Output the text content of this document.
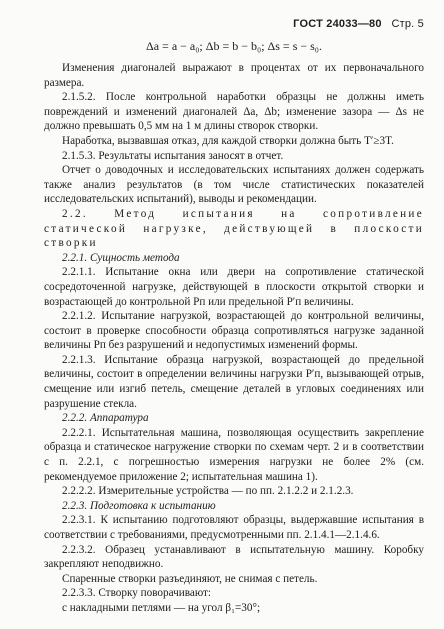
ГОСТ 24033—80 Стр. 5
Δa = a − a₀; Δb = b − b₀; Δs = s − s₀.

Изменения диагоналей выражают в процентах от их первоначального размера.

2.1.5.2. После контрольной наработки образцы не должны иметь повреждений и изменений диагоналей Δa, Δb; изменение зазора — Δs не должно превышать 0,5 мм на 1 м длины створок створки.

Наработка, вызвавшая отказ, для каждой створки должна быть T′≥3T.

2.1.5.3. Результаты испытания заносят в отчет.

Отчет о доводочных и исследовательских испытаниях должен содержать также анализ результатов (в том числе статистических показателей исследовательских испытаний), выводы и рекомендации.

2.2. Метод испытания на сопротивление статической нагрузке, действующей в плоскости створки

2.2.1. Сущность метода

2.2.1.1. Испытание окна или двери на сопротивление статической сосредоточенной нагрузке, действующей в плоскости открытой створки и возрастающей до контрольной Pп или предельной P′п величины.

2.2.1.2. Испытание нагрузкой, возрастающей до контрольной величины, состоит в проверке способности образца сопротивляться нагрузке заданной величины Pп без разрушений и недопустимых изменений формы.

2.2.1.3. Испытание образца нагрузкой, возрастающей до предельной величины, состоит в определении величины нагрузки P′п, вызывающей отрыв, смещение или изгиб петель, смещение деталей в угловых соединениях или разрушение стекла.

2.2.2. Аппаратура

2.2.2.1. Испытательная машина, позволяющая осуществить закрепление образца и статическое нагружение створки по схемам черт. 2 и в соответствии с п. 2.2.1, с погрешностью измерения нагрузки не более 2% (см. рекомендуемое приложение 2; испытательная машина 1).

2.2.2.2. Измерительные устройства — по пп. 2.1.2.2 и 2.1.2.3.

2.2.3. Подготовка к испытанию

2.2.3.1. К испытанию подготовляют образцы, выдержавшие испытания в соответствии с требованиями, предусмотренными пп. 2.1.4.1—2.1.4.6.

2.2.3.2. Образец устанавливают в испытательную машину. Коробку закрепляют неподвижно.

Спаренные створки разъединяют, не снимая с петель.

2.2.3.3. Створку поворачивают:

с накладными петлями — на угол β₁=30°;
